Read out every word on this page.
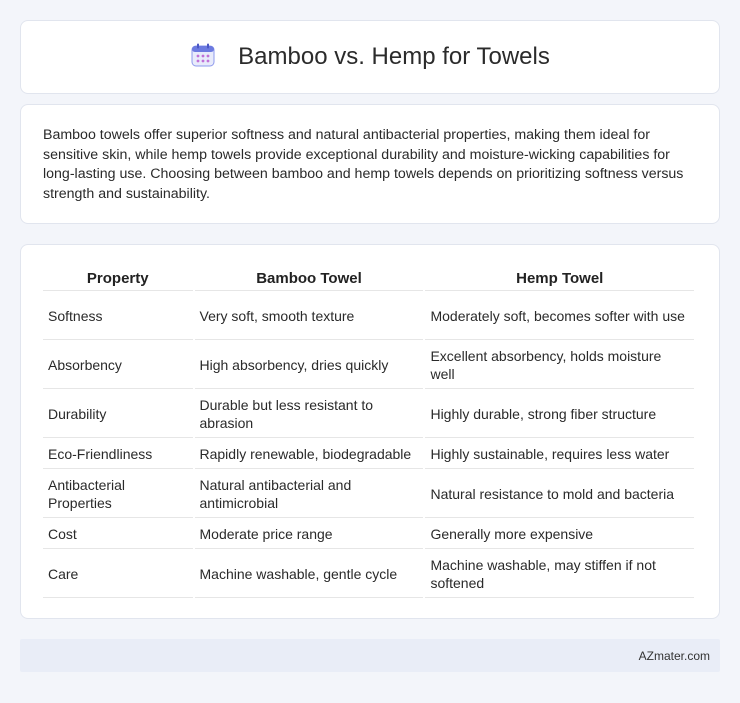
Bamboo vs. Hemp for Towels

Bamboo towels offer superior softness and natural antibacterial properties, making them ideal for sensitive skin, while hemp towels provide exceptional durability and moisture-wicking capabilities for long-lasting use. Choosing between bamboo and hemp towels depends on prioritizing softness versus strength and sustainability.

Property	Bamboo Towel	Hemp Towel
Softness	Very soft, smooth texture	Moderately soft, becomes softer with use
Absorbency	High absorbency, dries quickly	Excellent absorbency, holds moisture well
Durability	Durable but less resistant to abrasion	Highly durable, strong fiber structure
Eco-Friendliness	Rapidly renewable, biodegradable	Highly sustainable, requires less water
Antibacterial Properties	Natural antibacterial and antimicrobial	Natural resistance to mold and bacteria
Cost	Moderate price range	Generally more expensive
Care	Machine washable, gentle cycle	Machine washable, may stiffen if not softened
AZmater.com
